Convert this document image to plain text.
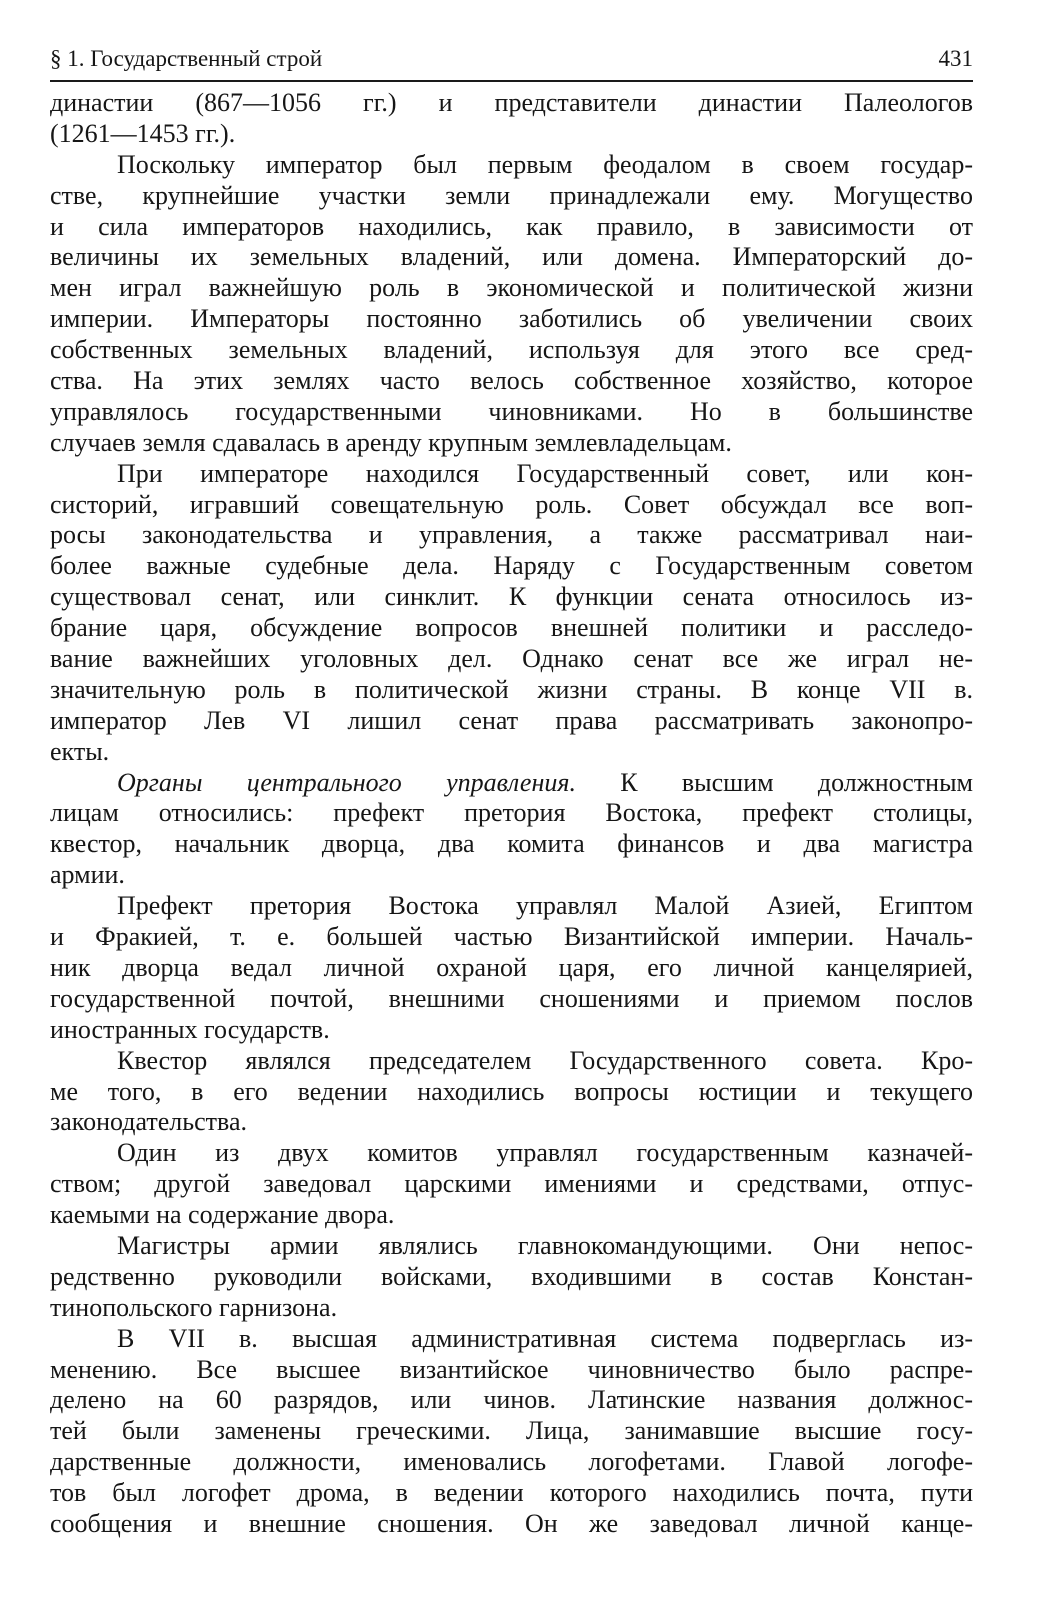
§ 1. Государственный строй	431
династии (867—1056 гг.) и представители династии Палеологов
(1261—1453 гг.).
Поскольку император был первым феодалом в своем государ-
стве, крупнейшие участки земли принадлежали ему. Могущество
и сила императоров находились, как правило, в зависимости от
величины их земельных владений, или домена. Императорский до-
мен играл важнейшую роль в экономической и политической жизни
империи. Императоры постоянно заботились об увеличении своих
собственных земельных владений, используя для этого все сред-
ства. На этих землях часто велось собственное хозяйство, которое
управлялось государственными чиновниками. Но в большинстве
случаев земля сдавалась в аренду крупным землевладельцам.
При императоре находился Государственный совет, или кон-
систорий, игравший совещательную роль. Совет обсуждал все воп-
росы законодательства и управления, а также рассматривал наи-
более важные судебные дела. Наряду с Государственным советом
существовал сенат, или синклит. К функции сената относилось из-
брание царя, обсуждение вопросов внешней политики и расследо-
вание важнейших уголовных дел. Однако сенат все же играл не-
значительную роль в политической жизни страны. В конце VII в.
император Лев VI лишил сенат права рассматривать законопро-
екты.
Органы центрального управления. К высшим должностным
лицам относились: префект претория Востока, префект столицы,
квестор, начальник дворца, два комита финансов и два магистра
армии.
Префект претория Востока управлял Малой Азией, Египтом
и Фракией, т. е. большей частью Византийской империи. Началь-
ник дворца ведал личной охраной царя, его личной канцелярией,
государственной почтой, внешними сношениями и приемом послов
иностранных государств.
Квестор являлся председателем Государственного совета. Кро-
ме того, в его ведении находились вопросы юстиции и текущего
законодательства.
Один из двух комитов управлял государственным казначей-
ством; другой заведовал царскими имениями и средствами, отпус-
каемыми на содержание двора.
Магистры армии являлись главнокомандующими. Они непос-
редственно руководили войсками, входившими в состав Констан-
тинопольского гарнизона.
В VII в. высшая административная система подверглась из-
менению. Все высшее византийское чиновничество было распре-
делено на 60 разрядов, или чинов. Латинские названия должнос-
тей были заменены греческими. Лица, занимавшие высшие госу-
дарственные должности, именовались логофетами. Главой логофе-
тов был логофет дрома, в ведении которого находились почта, пути
сообщения и внешние сношения. Он же заведовал личной канце-
